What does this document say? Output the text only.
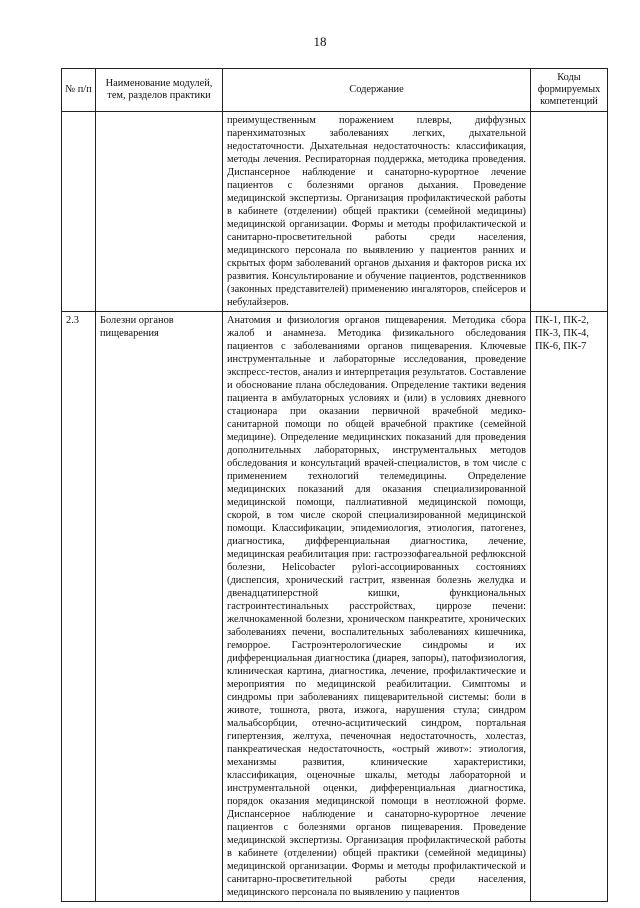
18
№ п/п	Наименование модулей, тем, разделов практики	Содержание	Коды формируемых компетенций
		преимущественным поражением плевры, диффузных паренхиматозных заболеваниях легких, дыхательной недостаточности. Дыхательная недостаточность: классификация, методы лечения. Респираторная поддержка, методика проведения. Диспансерное наблюдение и санаторно-курортное лечение пациентов с болезнями органов дыхания. Проведение медицинской экспертизы. Организация профилактической работы в кабинете (отделении) общей практики (семейной медицины) медицинской организации. Формы и методы профилактической и санитарно-просветительной работы среди населения, медицинского персонала по выявлению у пациентов ранних и скрытых форм заболеваний органов дыхания и факторов риска их развития. Консультирование и обучение пациентов, родственников (законных представителей) применению ингаляторов, спейсеров и небулайзеров.	
2.3	Болезни органов пищеварения	Анатомия и физиология органов пищеварения. Методика сбора жалоб и анамнеза. Методика физикального обследования пациентов с заболеваниями органов пищеварения. Ключевые инструментальные и лабораторные исследования, проведение экспресс-тестов, анализ и интерпретация результатов. Составление и обоснование плана обследования. Определение тактики ведения пациента в амбулаторных условиях и (или) в условиях дневного стационара при оказании первичной врачебной медико-санитарной помощи по общей врачебной практике (семейной медицине). Определение медицинских показаний для проведения дополнительных лабораторных, инструментальных методов обследования и консультаций врачей-специалистов, в том числе с применением технологий телемедицины. Определение медицинских показаний для оказания специализированной медицинской помощи, паллиативной медицинской помощи, скорой, в том числе скорой специализированной медицинской помощи. Классификации, эпидемиология, этиология, патогенез, диагностика, дифференциальная диагностика, лечение, медицинская реабилитация при: гастроэзофагеальной рефлюксной болезни, Helicobacter pylori-ассоциированных состояниях (диспепсия, хронический гастрит, язвенная болезнь желудка и двенадцатиперстной кишки, функциональных гастроинтестинальных расстройствах, циррозе печени: желчнокаменной болезни, хроническом панкреатите, хронических заболеваниях печени, воспалительных заболеваниях кишечника, геморрое. Гастроэнтерологические синдромы и их дифференциальная диагностика (диарея, запоры), патофизиология, клиническая картина, диагностика, лечение, профилактические и мероприятия по медицинской реабилитации. Симптомы и синдромы при заболеваниях пищеварительной системы: боли в животе, тошнота, рвота, изжога, нарушения стула; синдром мальабсорбции, отечно-асцитический синдром, портальная гипертензия, желтуха, печеночная недостаточность, холестаз, панкреатическая недостаточность, «острый живот»: этиология, механизмы развития, клинические характеристики, классификация, оценочные шкалы, методы лабораторной и инструментальной оценки, дифференциальная диагностика, порядок оказания медицинской помощи в неотложной форме. Диспансерное наблюдение и санаторно-курортное лечение пациентов с болезнями органов пищеварения. Проведение медицинской экспертизы. Организация профилактической работы в кабинете (отделении) общей практики (семейной медицины) медицинской организации. Формы и методы профилактической и санитарно-просветительной работы среди населения, медицинского персонала по выявлению у пациентов	ПК-1, ПК-2, ПК-3, ПК-4, ПК-6, ПК-7
